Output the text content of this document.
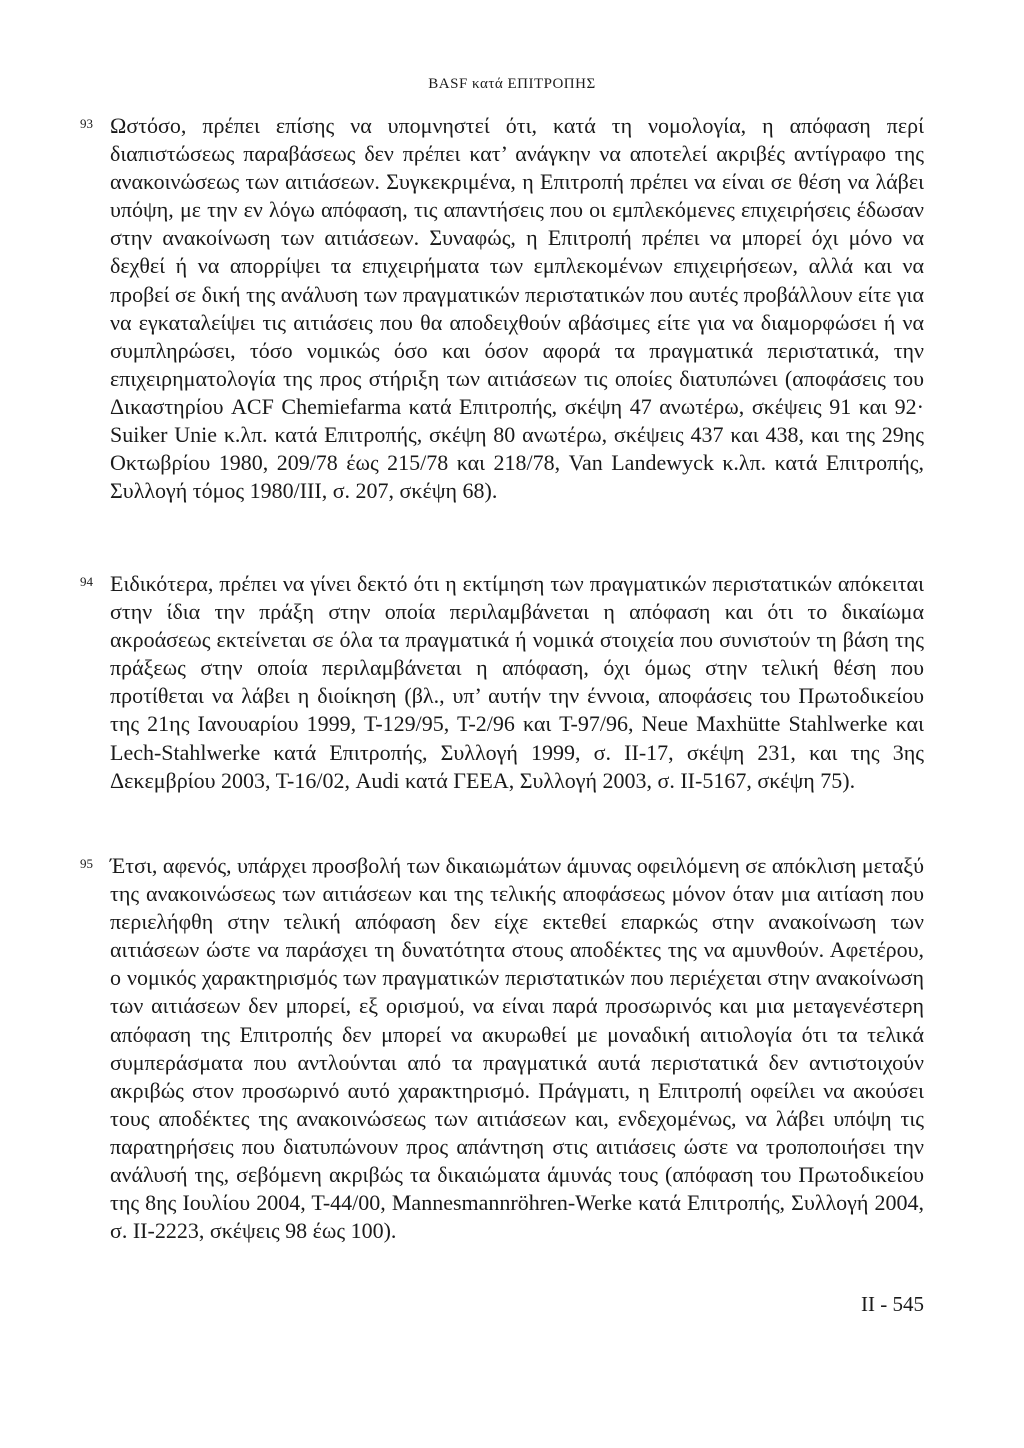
BASF κατά ΕΠΙΤΡΟΠΗΣ
93 Ωστόσο, πρέπει επίσης να υπομνηστεί ότι, κατά τη νομολογία, η απόφαση περί διαπιστώσεως παραβάσεως δεν πρέπει κατ’ ανάγκην να αποτελεί ακριβές αντίγραφο της ανακοινώσεως των αιτιάσεων. Συγκεκριμένα, η Επιτροπή πρέπει να είναι σε θέση να λάβει υπόψη, με την εν λόγω απόφαση, τις απαντήσεις που οι εμπλεκόμενες επιχειρήσεις έδωσαν στην ανακοίνωση των αιτιάσεων. Συναφώς, η Επιτροπή πρέπει να μπορεί όχι μόνο να δεχθεί ή να απορρίψει τα επιχειρήματα των εμπλεκομένων επιχειρήσεων, αλλά και να προβεί σε δική της ανάλυση των πραγματικών περιστατικών που αυτές προβάλλουν είτε για να εγκαταλείψει τις αιτιάσεις που θα αποδειχθούν αβάσιμες είτε για να διαμορφώσει ή να συμπληρώσει, τόσο νομικώς όσο και όσον αφορά τα πραγματικά περιστατικά, την επιχειρηματολογία της προς στήριξη των αιτιάσεων τις οποίες διατυπώνει (αποφάσεις του Δικαστηρίου ACF Chemiefarma κατά Επιτροπής, σκέψη 47 ανωτέρω, σκέψεις 91 και 92· Suiker Unie κ.λπ. κατά Επιτροπής, σκέψη 80 ανωτέρω, σκέψεις 437 και 438, και της 29ης Οκτωβρίου 1980, 209/78 έως 215/78 και 218/78, Van Landewyck κ.λπ. κατά Επιτροπής, Συλλογή τόμος 1980/III, σ. 207, σκέψη 68).

94 Ειδικότερα, πρέπει να γίνει δεκτό ότι η εκτίμηση των πραγματικών περιστατικών απόκειται στην ίδια την πράξη στην οποία περιλαμβάνεται η απόφαση και ότι το δικαίωμα ακροάσεως εκτείνεται σε όλα τα πραγματικά ή νομικά στοιχεία που συνιστούν τη βάση της πράξεως στην οποία περιλαμβάνεται η απόφαση, όχι όμως στην τελική θέση που προτίθεται να λάβει η διοίκηση (βλ., υπ’ αυτήν την έννοια, αποφάσεις του Πρωτοδικείου της 21ης Ιανουαρίου 1999, Τ-129/95, Τ-2/96 και Τ-97/96, Neue Maxhütte Stahlwerke και Lech-Stahlwerke κατά Επιτροπής, Συλλογή 1999, σ. II-17, σκέψη 231, και της 3ης Δεκεμβρίου 2003, Τ-16/02, Audi κατά ΓΕΕΑ, Συλλογή 2003, σ. II-5167, σκέψη 75).

95 Έτσι, αφενός, υπάρχει προσβολή των δικαιωμάτων άμυνας οφειλόμενη σε απόκλιση μεταξύ της ανακοινώσεως των αιτιάσεων και της τελικής αποφάσεως μόνον όταν μια αιτίαση που περιελήφθη στην τελική απόφαση δεν είχε εκτεθεί επαρκώς στην ανακοίνωση των αιτιάσεων ώστε να παράσχει τη δυνατότητα στους αποδέκτες της να αμυνθούν. Αφετέρου, ο νομικός χαρακτηρισμός των πραγματικών περιστατικών που περιέχεται στην ανακοίνωση των αιτιάσεων δεν μπορεί, εξ ορισμού, να είναι παρά προσωρινός και μια μεταγενέστερη απόφαση της Επιτροπής δεν μπορεί να ακυρωθεί με μοναδική αιτιολογία ότι τα τελικά συμπεράσματα που αντλούνται από τα πραγματικά αυτά περιστατικά δεν αντιστοιχούν ακριβώς στον προσωρινό αυτό χαρακτηρισμό. Πράγματι, η Επιτροπή οφείλει να ακούσει τους αποδέκτες της ανακοινώσεως των αιτιάσεων και, ενδεχομένως, να λάβει υπόψη τις παρατηρήσεις που διατυπώνουν προς απάντηση στις αιτιάσεις ώστε να τροποποιήσει την ανάλυσή της, σεβόμενη ακριβώς τα δικαιώματα άμυνάς τους (απόφαση του Πρωτοδικείου της 8ης Ιουλίου 2004, Τ-44/00, Mannesmannröhren-Werke κατά Επιτροπής, Συλλογή 2004, σ. II-2223, σκέψεις 98 έως 100).

II - 545
